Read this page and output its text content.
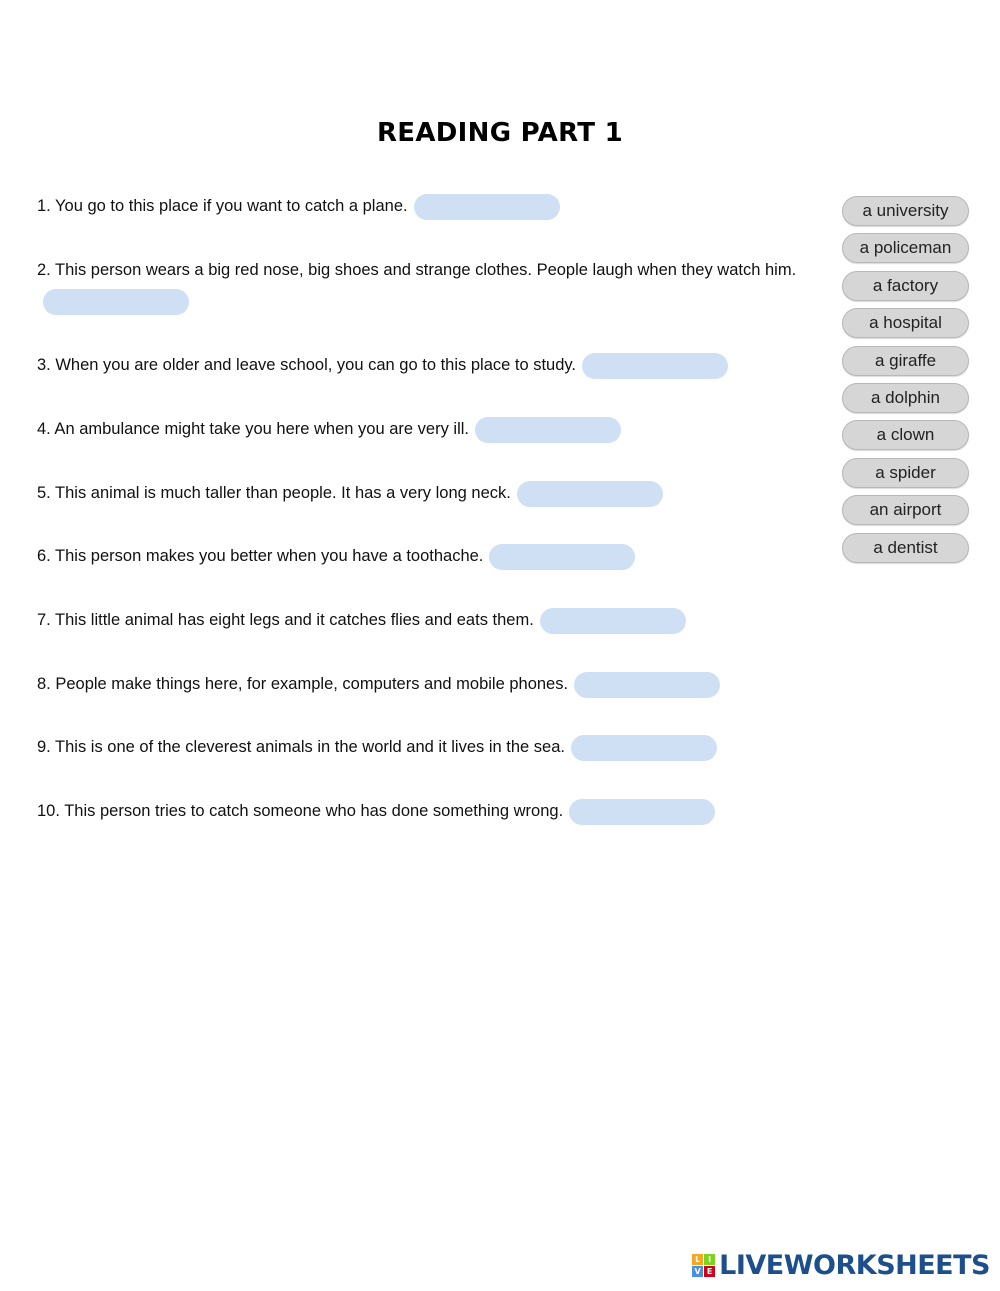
READING PART 1
1. You go to this place if you want to catch a plane.
2. This person wears a big red nose, big shoes and strange clothes. People laugh when they watch him.
3. When you are older and leave school, you can go to this place to study.
4. An ambulance might take you here when you are very ill.
5. This animal is much taller than people. It has a very long neck.
6. This person makes you better when you have a toothache.
7. This little animal has eight legs and it catches flies and eats them.
8. People make things here, for example, computers and mobile phones.
9. This is one of the cleverest animals in the world and it lives in the sea.
10. This person tries to catch someone who has done something wrong.
a university
a policeman
a factory
a hospital
a giraffe
a dolphin
a clown
a spider
an airport
a dentist
L I
V E LIVEWORKSHEETS
